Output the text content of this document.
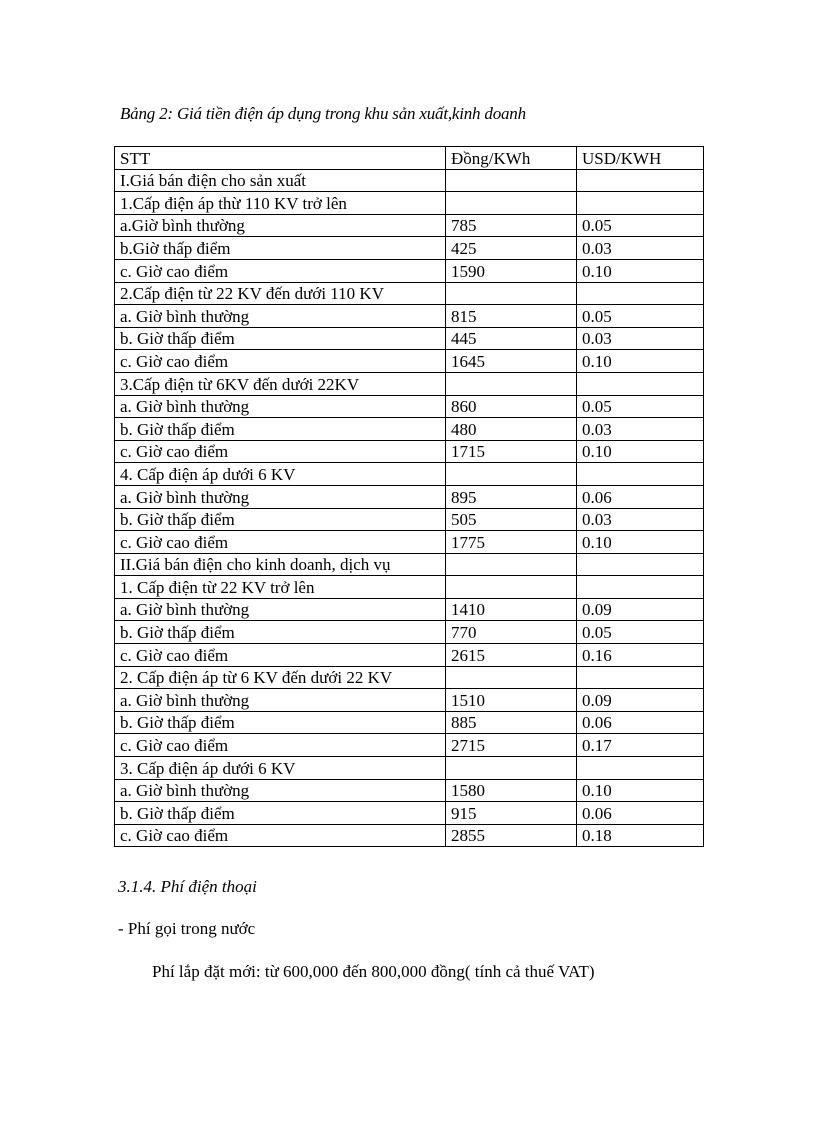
Bảng 2: Giá tiền điện áp dụng trong khu sản xuất,kinh doanh
STT	Đồng/KWh	USD/KWH
I.Giá bán điện cho sản xuất		
1.Cấp điện áp thừ 110 KV trở lên		
a.Giờ bình thường	785	0.05
b.Giờ thấp điểm	425	0.03
c. Giờ cao điểm	1590	0.10
2.Cấp điện từ 22 KV đến dưới 110 KV		
a. Giờ bình thường	815	0.05
b. Giờ thấp điểm	445	0.03
c. Giờ cao điểm	1645	0.10
3.Cấp điện từ 6KV đến dưới 22KV		
a. Giờ bình thường	860	0.05
b. Giờ thấp điểm	480	0.03
c. Giờ cao điểm	1715	0.10
4. Cấp điện áp dưới 6 KV		
a. Giờ bình thường	895	0.06
b. Giờ thấp điểm	505	0.03
c. Giờ cao điểm	1775	0.10
II.Giá bán điện cho kinh doanh, dịch vụ		
1. Cấp điện từ 22 KV trở lên		
a. Giờ bình thường	1410	0.09
b. Giờ thấp điểm	770	0.05
c. Giờ cao điểm	2615	0.16
2. Cấp điện áp từ 6 KV đến dưới 22 KV		
a. Giờ bình thường	1510	0.09
b. Giờ thấp điểm	885	0.06
c. Giờ cao điểm	2715	0.17
3. Cấp điện áp dưới 6 KV		
a. Giờ bình thường	1580	0.10
b. Giờ thấp điểm	915	0.06
c. Giờ cao điểm	2855	0.18
3.1.4. Phí điện thoại
- Phí gọi trong nước
Phí lắp đặt mới: từ 600,000 đến 800,000 đồng( tính cả thuế VAT)
